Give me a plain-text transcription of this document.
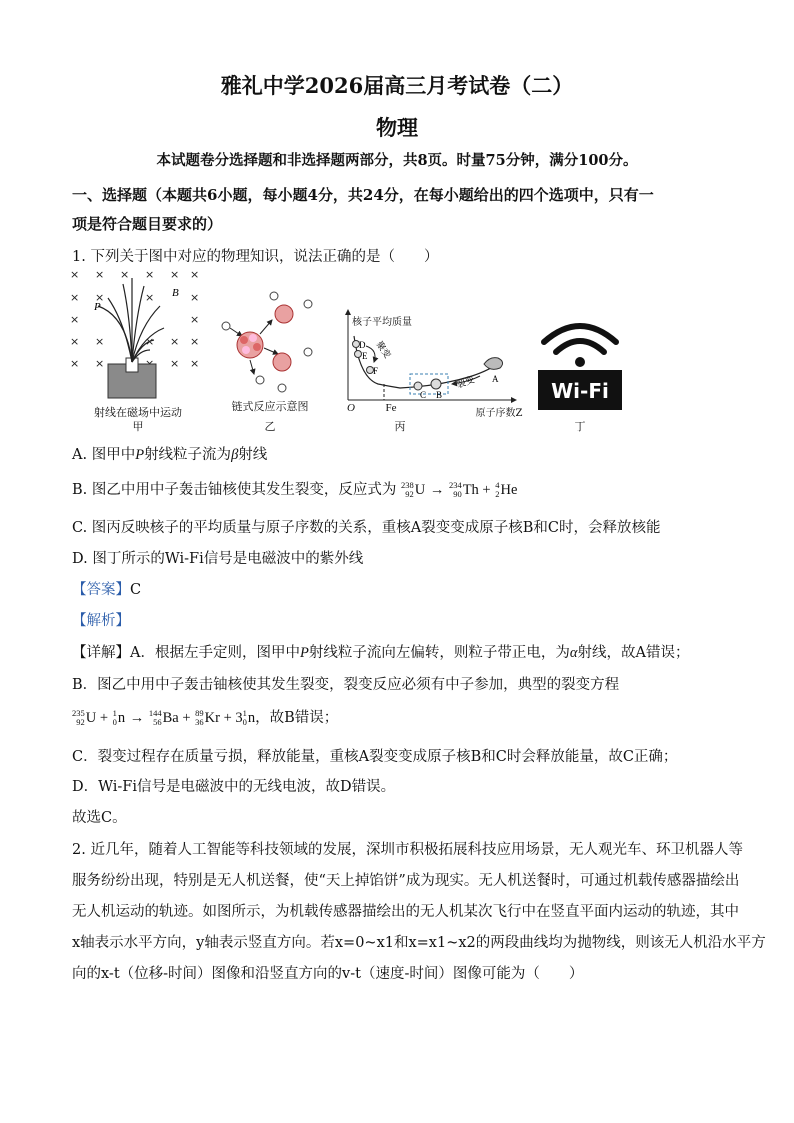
雅礼中学2026届高三月考试卷（二）
物理
本试题卷分选择题和非选择题两部分，共8页。时量75分钟，满分100分。
一、选择题（本题共6小题，每小题4分，共24分，在每小题给出的四个选项中，只有一
项是符合题目要求的）
1. 下列关于图中对应的物理知识，说法正确的是（　　）
× × × × × ×
× ×	×	×
×	×
× ×	× × ×
× ×	× ×
P
B
射线在磁场中运动
甲
链式反应示意图
乙
D
E
F
C B
A
聚变
裂变
核子平均质量
O	Fe	原子序数Z
丙
Wi-Fi
丁
A. 图甲中P射线粒子流为β射线
B. 图乙中用中子轰击铀核使其发生裂变，反应式为 238
92 U → 234
90 Th + 4
2 He
C. 图丙反映核子的平均质量与原子序数的关系，重核A裂变变成原子核B和C时，会释放核能
D. 图丁所示的Wi-Fi信号是电磁波中的紫外线
【答案】C
【解析】
【详解】A．根据左手定则，图甲中P射线粒子流向左偏转，则粒子带正电，为α射线，故A错误；
B．图乙中用中子轰击铀核使其发生裂变，裂变反应必须有中子参加，典型的裂变方程
235
92 U + 1
0 n → 144
56 Ba + 89
36 Kr + 3 1
0 n，故B错误；
C．裂变过程存在质量亏损，释放能量，重核A裂变变成原子核B和C时会释放能量，故C正确；
D．Wi-Fi信号是电磁波中的无线电波，故D错误。
故选C。
2. 近几年，随着人工智能等科技领域的发展，深圳市积极拓展科技应用场景，无人观光车、环卫机器人等
服务纷纷出现，特别是无人机送餐，使“天上掉馅饼”成为现实。无人机送餐时，可通过机载传感器描绘出
无人机运动的轨迹。如图所示，为机载传感器描绘出的无人机某次飞行中在竖直平面内运动的轨迹，其中
x轴表示水平方向，y轴表示竖直方向。若x=0~x1和x=x1~x2的两段曲线均为抛物线，则该无人机沿水平方
向的x-t（位移-时间）图像和沿竖直方向的v-t（速度-时间）图像可能为（　　）
